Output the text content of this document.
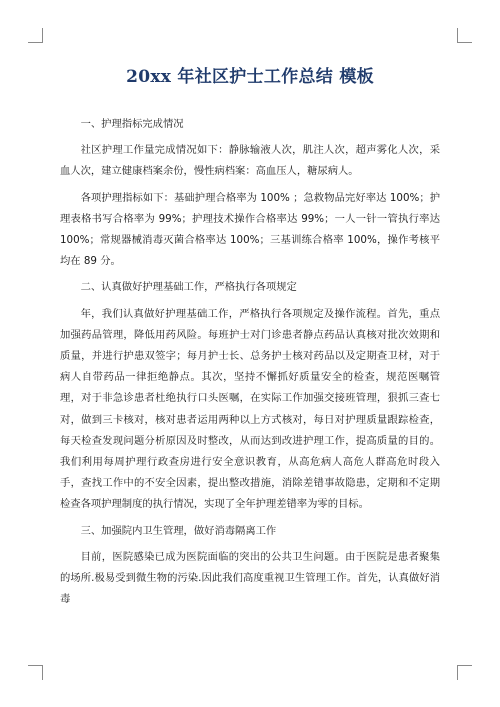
20xx 年社区护士工作总结 模板

一、护理指标完成情况

社区护理工作量完成情况如下：静脉输液人次，肌注人次，超声雾化人次，采血人次，建立健康档案余份，慢性病档案：高血压人，糖尿病人。

各项护理指标如下：基础护理合格率为 100% ；急救物品完好率达 100%；护理表格书写合格率为 99%；护理技术操作合格率达 99%；一人一针一管执行率达 100%；常规器械消毒灭菌合格率达 100%；三基训练合格率 100%，操作考核平均在 89 分。

二、认真做好护理基础工作，严格执行各项规定

年，我们认真做好护理基础工作，严格执行各项规定及操作流程。首先，重点加强药品管理，降低用药风险。每班护士对门诊患者静点药品认真核对批次效期和质量，并进行护患双签字；每月护士长、总务护士核对药品以及定期查卫材，对于病人自带药品一律拒绝静点。其次，坚持不懈抓好质量安全的检查，规范医嘱管理，对于非急诊患者杜绝执行口头医嘱，在实际工作加强交接班管理，狠抓三查七对，做到三卡核对，核对患者运用两种以上方式核对，每日对护理质量跟踪检查，每天检查发现问题分析原因及时整改，从而达到改进护理工作，提高质量的目的。我们利用每周护理行政查房进行安全意识教育，从高危病人高危人群高危时段入手，查找工作中的不安全因素，提出整改措施，消除差错事故隐患，定期和不定期检查各项护理制度的执行情况，实现了全年护理差错率为零的目标。

三、加强院内卫生管理，做好消毒隔离工作

目前，医院感染已成为医院面临的突出的公共卫生问题。由于医院是患者聚集的场所.极易受到微生物的污染.因此我们高度重视卫生管理工作。首先，认真做好消毒
